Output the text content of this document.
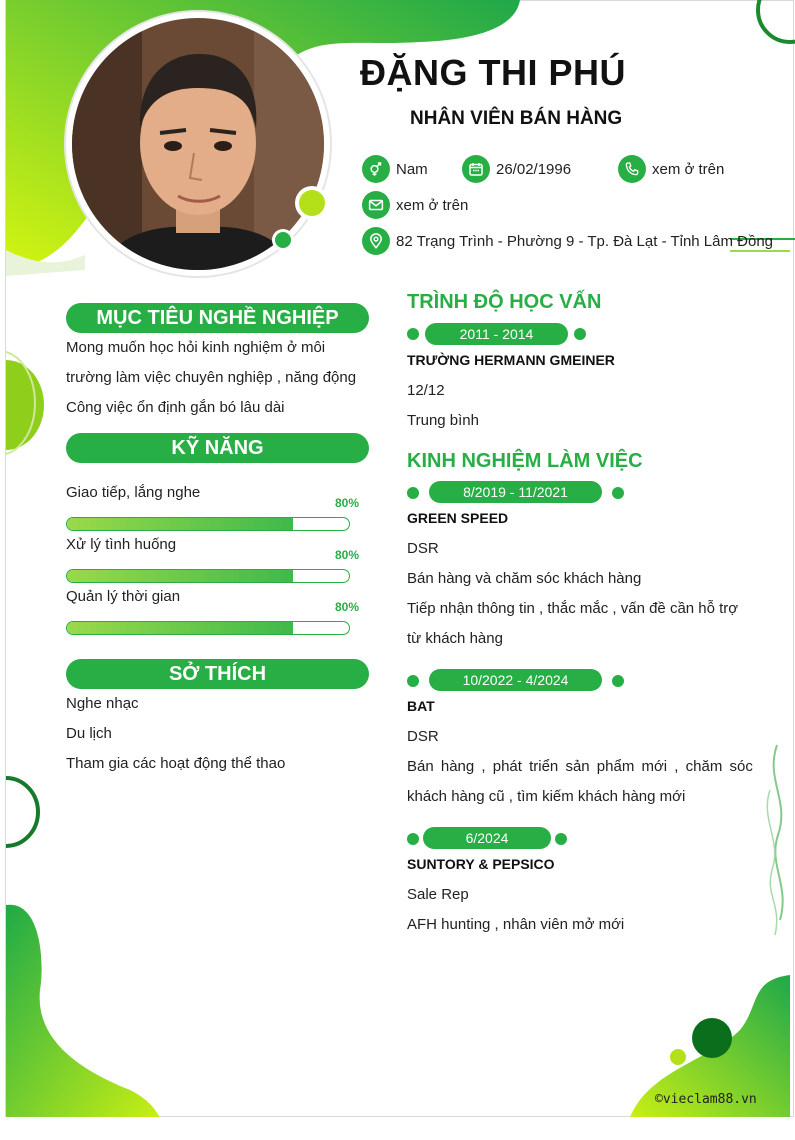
ĐẶNG THI PHÚ
NHÂN VIÊN BÁN HÀNG
Nam	26/02/1996	xem ở trên
xem ở trên
82 Trạng Trình - Phường 9 - Tp. Đà Lạt - Tỉnh Lâm Đồng
MỤC TIÊU NGHỀ NGHIỆP
Mong muốn học hỏi kinh nghiệm ở môi
trường làm việc chuyên nghiệp , năng động
Công việc ổn định gắn bó lâu dài
KỸ NĂNG
Giao tiếp, lắng nghe
80%
Xử lý tình huống
80%
Quản lý thời gian
80%
SỞ THÍCH
Nghe nhạc
Du lịch
Tham gia các hoạt động thể thao
TRÌNH ĐỘ HỌC VẤN
2011 - 2014
TRƯỜNG HERMANN GMEINER
12/12
Trung bình
KINH NGHIỆM LÀM VIỆC
8/2019 - 11/2021
GREEN SPEED
DSR
Bán hàng và chăm sóc khách hàng
Tiếp nhận thông tin , thắc mắc , vấn đề cần hỗ trợ
từ khách hàng
10/2022 - 4/2024
BAT
DSR
Bán hàng , phát triển sản phẩm mới , chăm sóc
khách hàng cũ , tìm kiếm khách hàng mới
6/2024
SUNTORY & PEPSICO
Sale Rep
AFH hunting , nhân viên mở mới
©vieclam88.vn
